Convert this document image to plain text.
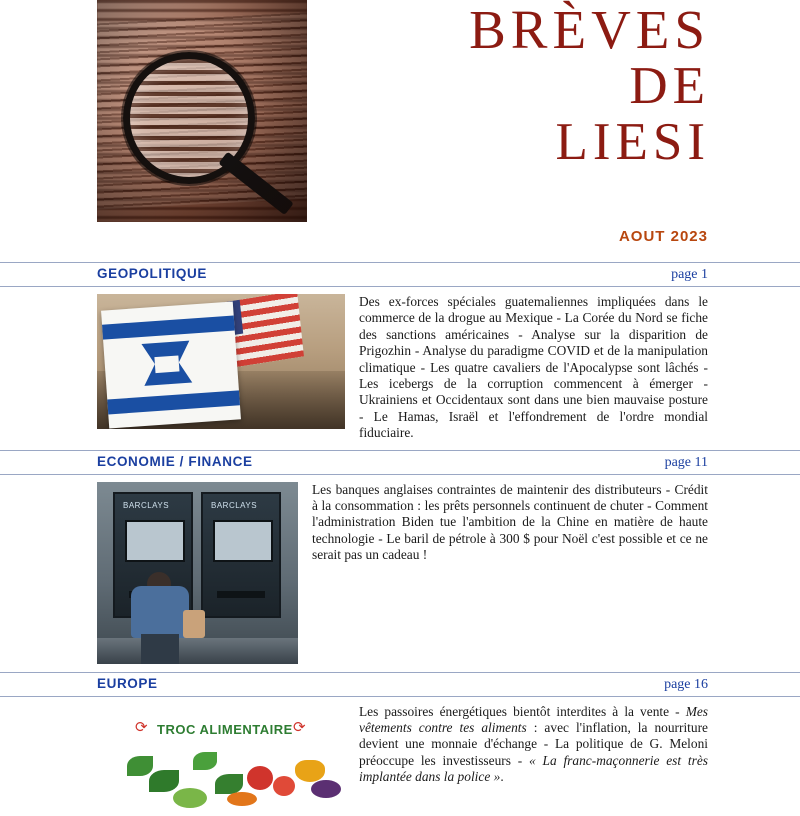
BRÈVES
DE
LIESI
AOUT 2023
GEOPOLITIQUE	page 1
Des ex-forces spéciales guatemaliennes impliquées dans le commerce de la drogue au Mexique - La Corée du Nord se fiche des sanctions américaines - Analyse sur la disparition de Prigozhin - Analyse du paradigme COVID et de la manipulation climatique - Les quatre cavaliers de l'Apocalypse sont lâchés - Les icebergs de la corruption commencent à émerger - Ukrainiens et Occidentaux sont dans une bien mauvaise posture - Le Hamas, Israël et l'effondrement de l'ordre mondial fiduciaire.
ECONOMIE / FINANCE	page 11
BARCLAYS	BARCLAYS
Les banques anglaises contraintes de maintenir des distributeurs - Crédit à la consommation : les prêts personnels continuent de chuter - Comment l'administration Biden tue l'ambition de la Chine en matière de haute technologie - Le baril de pétrole à 300 $ pour Noël c'est possible et ce ne serait pas un cadeau !
EUROPE	page 16
⟳	⟳
TROC ALIMENTAIRE
Les passoires énergétiques bientôt interdites à la vente - Mes vêtements contre tes aliments : avec l'inflation, la nourriture devient une monnaie d'échange - La politique de G. Meloni préoccupe les investisseurs - « La franc-maçonnerie est très implantée dans la police ».
